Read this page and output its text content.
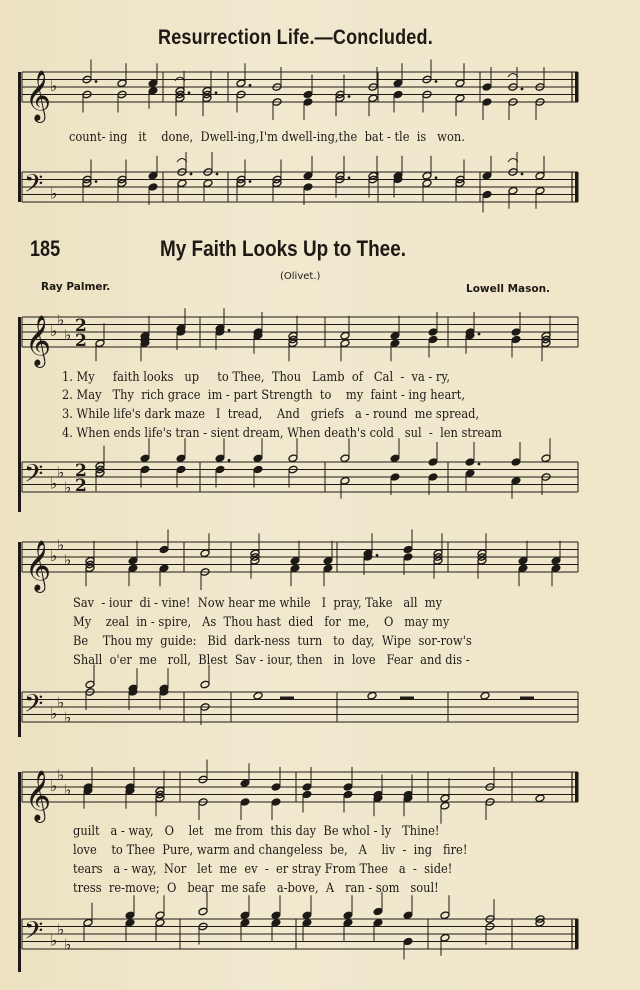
Resurrection Life.—Concluded.
𝄞
♭
count- ing   it    done,  Dwell-ing,I'm dwell-ing,the  bat - tle  is   won.
𝄢 ♭
185	My Faith Looks Up to Thee.
(Olivet.)
Ray Palmer.	Lowell Mason.
𝄞
♭
♭
♭ 2
2
1. My     faith looks   up     to Thee,  Thou   Lamb  of   Cal  -  va - ry,
2. May   Thy  rich grace  im - part Strength  to    my  faint - ing heart,
3. While life's dark maze   I  tread,    And   griefs   a - round  me spread,
4. When ends life's tran - sient dream, When death's cold   sul  -  len stream
𝄢 ♭
♭
♭
2
2
𝄞
♭
♭
♭
Sav  - iour  di - vine!  Now hear me while   I  pray, Take   all  my
My    zeal  in - spire,   As  Thou hast  died   for  me,    O   may my
Be    Thou my  guide:   Bid  dark-ness  turn   to  day,  Wipe  sor-row's
Shall  o'er  me   roll,  Blest  Sav - iour, then   in  love   Fear  and dis -
𝄢 ♭
♭
♭
𝄞
♭
♭
♭
guilt   a - way,   O    let   me from  this day  Be whol - ly   Thine!
love    to Thee  Pure, warm and changeless  be,   A    liv  -  ing   fire!
tears   a - way,  Nor   let  me  ev  -  er stray From Thee   a  -  side!
tress  re-move;  O   bear  me safe   a-bove,  A   ran - som   soul!
𝄢 ♭
♭
♭
